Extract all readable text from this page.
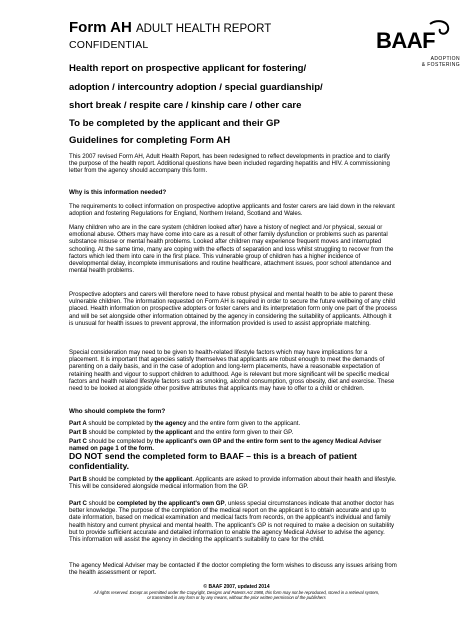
Form AH ADULT HEALTH REPORT
CONFIDENTIAL	BAAF
ADOPTION
& FOSTERING
Health report on prospective applicant for fostering/
adoption / intercountry adoption / special guardianship/
short break / respite care / kinship care / other care
To be completed by the applicant and their GP
Guidelines for completing Form AH
This 2007 revised Form AH, Adult Health Report, has been redesigned to reflect developments in practice and to clarify the purpose of the health report. Additional questions have been included regarding hepatitis and HIV. A commissioning letter from the agency should accompany this form.
Why is this information needed?
The requirements to collect information on prospective adoptive applicants and foster carers are laid down in the relevant adoption and fostering Regulations for England, Northern Ireland, Scotland and Wales.
Many children who are in the care system (children looked after) have a history of neglect and /or physical, sexual or emotional abuse. Others may have come into care as a result of other family dysfunction or problems such as parental substance misuse or mental health problems. Looked after children may experience frequent moves and interrupted schooling. At the same time, many are coping with the effects of separation and loss whilst struggling to recover from the factors which led them into care in the first place. This vulnerable group of children has a higher incidence of developmental delay, incomplete immunisations and routine healthcare, attachment issues, poor school attendance and mental health problems.
Prospective adopters and carers will therefore need to have robust physical and mental health to be able to parent these vulnerable children. The information requested on Form AH is required in order to secure the future wellbeing of any child placed. Health information on prospective adopters or foster carers and its interpretation form only one part of the process and will be set alongside other information obtained by the agency in considering the suitability of applicants. Although it is unusual for health issues to prevent approval, the information provided is used to assist appropriate matching.
Special consideration may need to be given to health-related lifestyle factors which may have implications for a placement. It is important that agencies satisfy themselves that applicants are robust enough to meet the demands of parenting on a daily basis, and in the case of adoption and long-term placements, have a reasonable expectation of retaining health and vigour to support children to adulthood. Age is relevant but more significant will be specific medical factors and health related lifestyle factors such as smoking, alcohol consumption, gross obesity, diet and exercise. These need to be looked at alongside other positive attributes that applicants may have to offer to a child or children.
Who should complete the form?
Part A should be completed by the agency and the entire form given to the applicant.
Part B should be completed by the applicant and the entire form given to their GP.
Part C should be completed by the applicant's own GP and the entire form sent to the agency Medical Adviser named on page 1 of the form.
DO NOT send the completed form to BAAF – this is a breach of patient confidentiality.
Part B should be completed by the applicant. Applicants are asked to provide information about their health and lifestyle. This will be considered alongside medical information from the GP.
Part C should be completed by the applicant's own GP, unless special circumstances indicate that another doctor has better knowledge. The purpose of the completion of the medical report on the applicant is to obtain accurate and up to date information, based on medical examination and medical facts from records, on the applicant's individual and family health history and current physical and mental health. The applicant's GP is not required to make a decision on suitability but to provide sufficient accurate and detailed information to enable the agency Medical Adviser to advise the agency. This information will assist the agency in deciding the applicant's suitability to care for the child.
The agency Medical Adviser may be contacted if the doctor completing the form wishes to discuss any issues arising from the health assessment or report.
© BAAF 2007, updated 2014
All rights reserved. Except as permitted under the Copyright, Designs and Patents Act 1988, this form may not be reproduced, stored in a retrieval system,
or transmitted in any form or by any means, without the prior written permission of the publishers
